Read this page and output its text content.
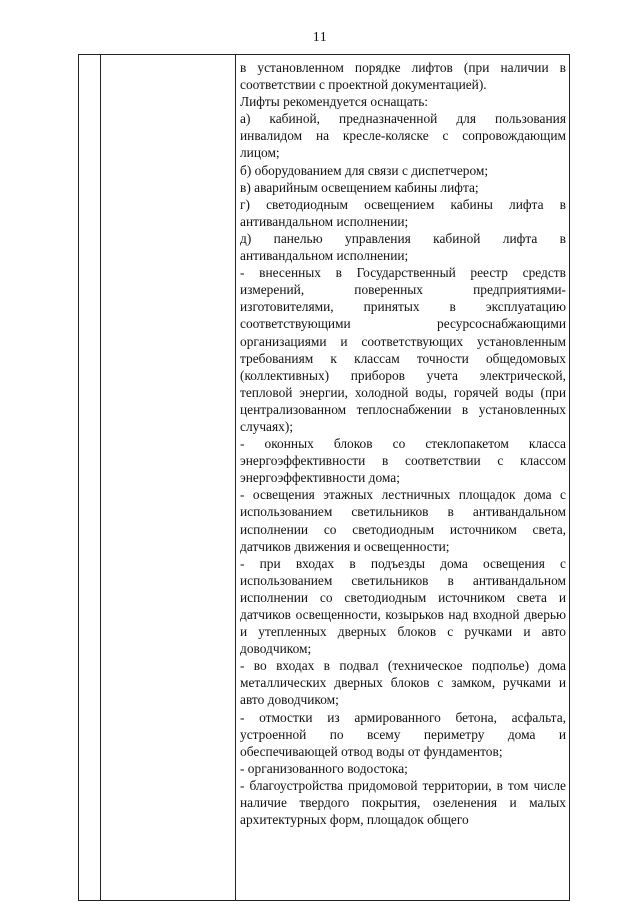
11

в установленном порядке лифтов (при наличии в соответствии с проектной документацией).

Лифты рекомендуется оснащать:

а) кабиной, предназначенной для пользования инвалидом на кресле-коляске с сопровождающим лицом;

б) оборудованием для связи с диспетчером;

в) аварийным освещением кабины лифта;

г) светодиодным освещением кабины лифта в антивандальном исполнении;

д) панелью управления кабиной лифта в антивандальном исполнении;

- внесенных в Государственный реестр средств измерений, поверенных предприятиями-изготовителями, принятых в эксплуатацию соответствующими ресурсоснабжающими организациями и соответствующих установленным требованиям к классам точности общедомовых (коллективных) приборов учета электрической, тепловой энергии, холодной воды, горячей воды (при централизованном теплоснабжении в установленных случаях);

- оконных блоков со стеклопакетом класса энергоэффективности в соответствии с классом энергоэффективности дома;

- освещения этажных лестничных площадок дома с использованием светильников в антивандальном исполнении со светодиодным источником света, датчиков движения и освещенности;

- при входах в подъезды дома освещения с использованием светильников в антивандальном исполнении со светодиодным источником света и датчиков освещенности, козырьков над входной дверью и утепленных дверных блоков с ручками и авто доводчиком;

- во входах в подвал (техническое подполье) дома металлических дверных блоков с замком, ручками и авто доводчиком;

- отмостки из армированного бетона, асфальта, устроенной по всему периметру дома и обеспечивающей отвод воды от фундаментов;

- организованного водостока;

- благоустройства придомовой территории, в том числе наличие твердого покрытия, озеленения и малых архитектурных форм, площадок общего
